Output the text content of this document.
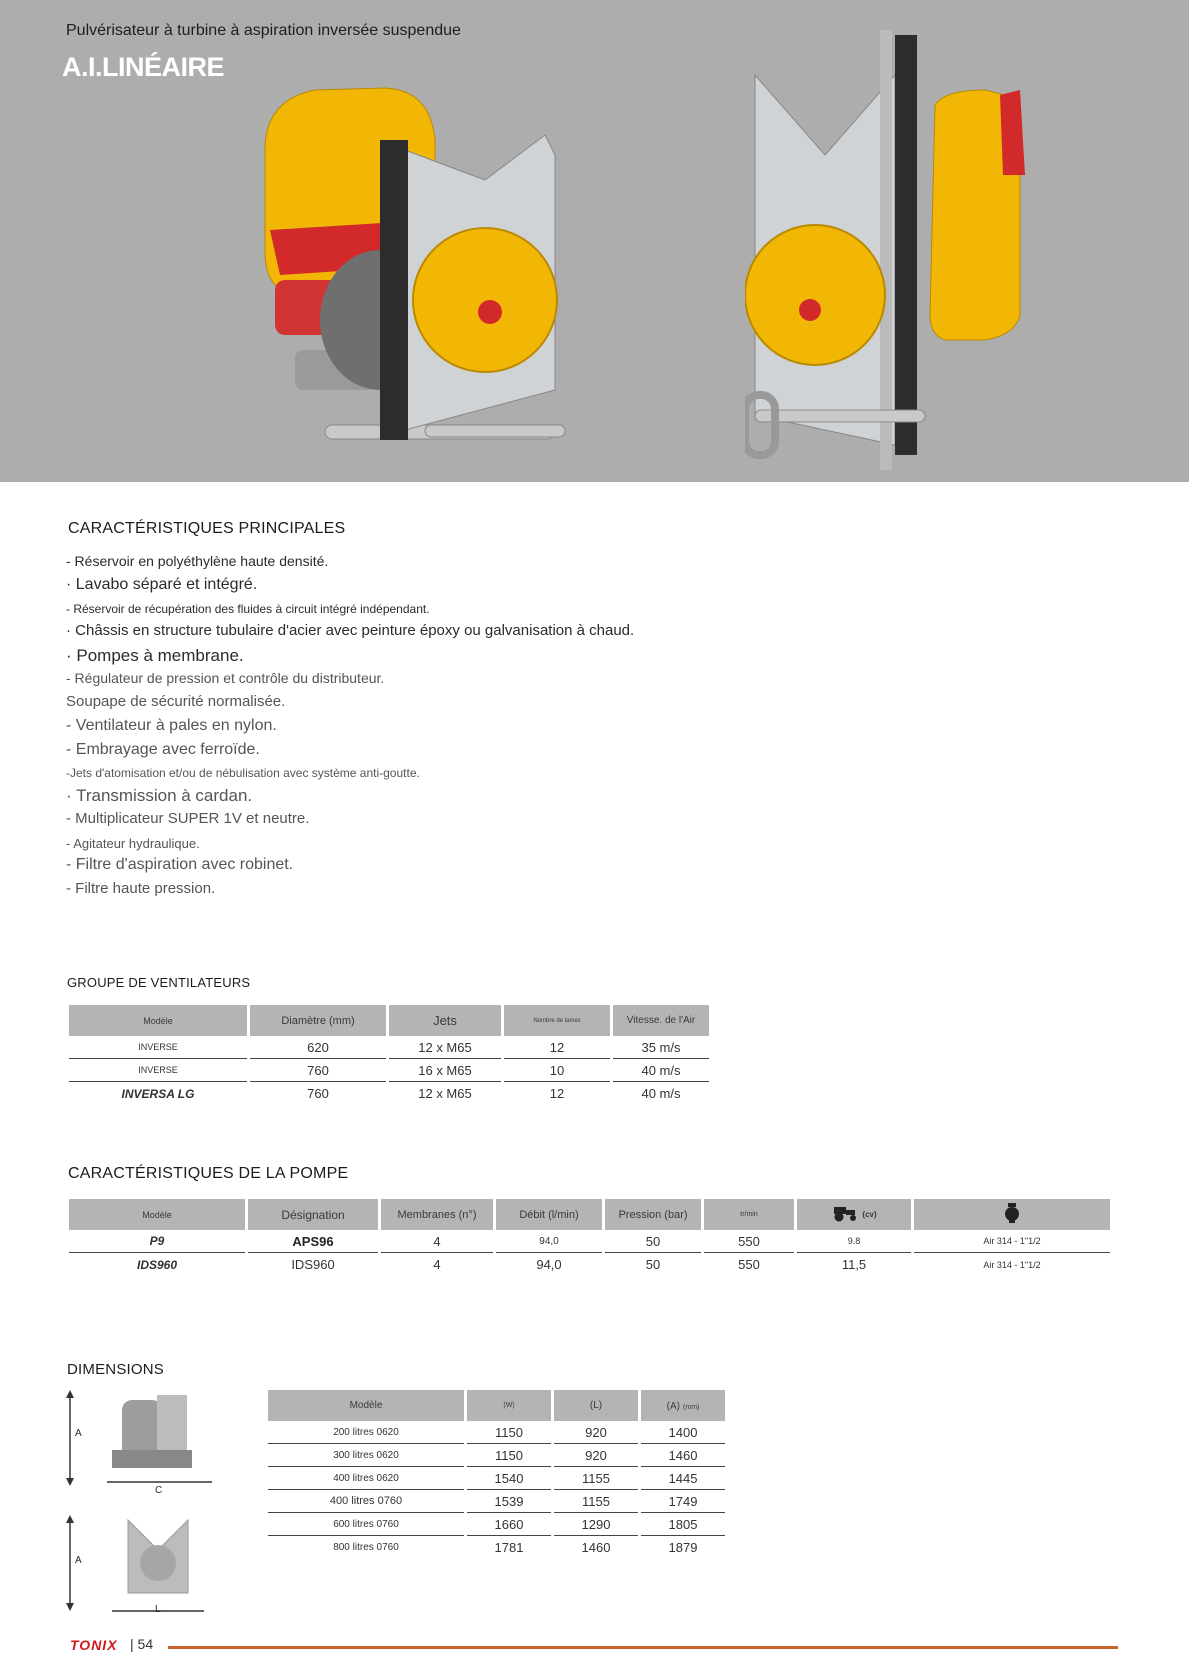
Pulvérisateur à turbine à aspiration inversée suspendue
A.I.LINÉAIRE
CARACTÉRISTIQUES PRINCIPALES
- Réservoir en polyéthylène haute densité.
· Lavabo séparé et intégré.
- Réservoir de récupération des fluides à circuit intégré indépendant.
· Châssis en structure tubulaire d'acier avec peinture époxy ou galvanisation à chaud.
· Pompes à membrane.
- Régulateur de pression et contrôle du distributeur.
Soupape de sécurité normalisée.
- Ventilateur à pales en nylon.
- Embrayage avec ferroïde.
-Jets d'atomisation et/ou de nébulisation avec système anti-goutte.
· Transmission à cardan.
- Multiplicateur SUPER 1V et neutre.
- Agitateur hydraulique.
- Filtre d'aspiration avec robinet.
- Filtre haute pression.
GROUPE DE VENTILATEURS
Modèle	Diamètre (mm)	Jets	Nombre de lames	Vitesse. de l'Air
INVERSE	620	12 x M65	12	35 m/s
INVERSE	760	16 x M65	10	40 m/s
INVERSA LG	760	12 x M65	12	40 m/s
CARACTÉRISTIQUES DE LA POMPE
Modèle	Désignation	Membranes (n°)	Débit (l/min)	Pression (bar)	tr/min	(cv)	
P9	APS96	4	94,0	50	550	9.8	Air 314 - 1"1/2
IDS960	IDS960	4	94,0	50	550	11,5	Air 314 - 1"1/2
DIMENSIONS
A
C
A
L
Modèle	(W)	(L)	(A) (mm)
200 litres 0620	1150	920	1400
300 litres 0620	1150	920	1460
400 litres 0620	1540	1155	1445
400 litres 0760	1539	1155	1749
600 litres 0760	1660	1290	1805
800 litres 0760	1781	1460	1879
TONIX | 54
